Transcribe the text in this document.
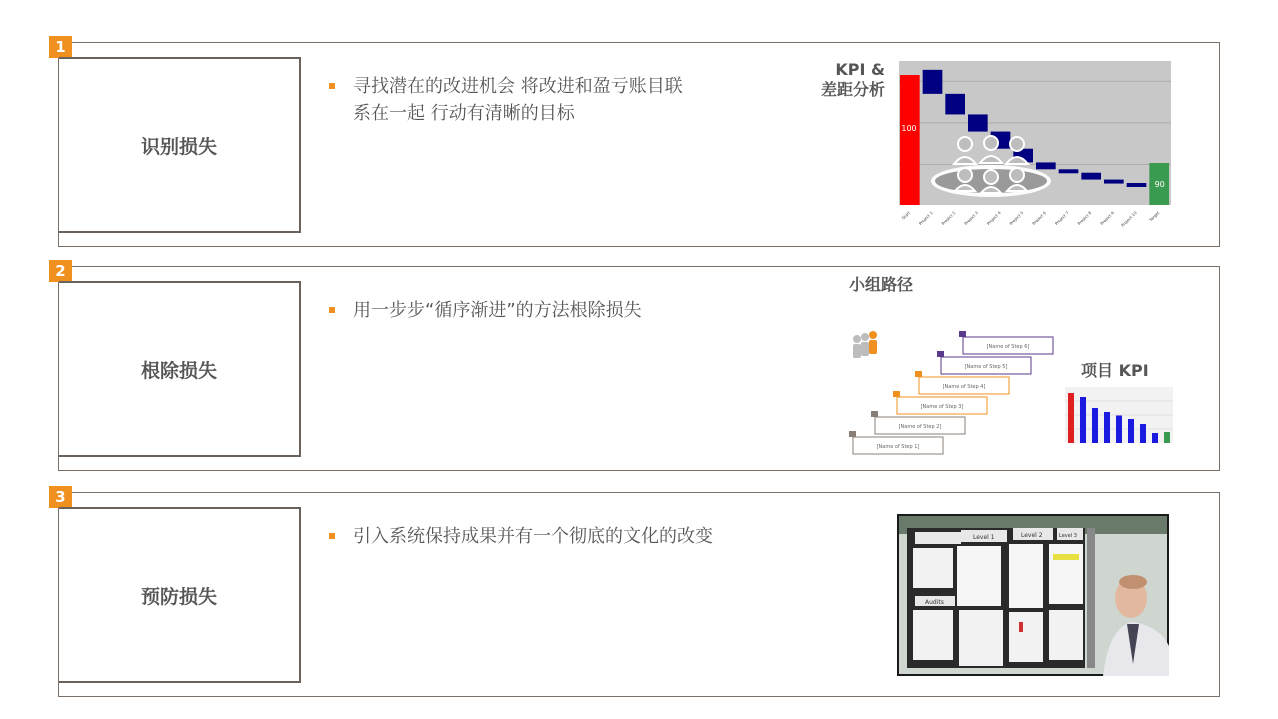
1
识别损失
寻找潜在的改进机会 将改进和盈亏账目联
系在一起 行动有清晰的目标
KPI &
差距分析
Start Project 1 Project 2 Project 3 Project 4 Project 5 Project 6 Project 7 Project 8 Project 9 Project 10	Target
100
90
2
根除损失
用一步步“循序渐进”的方法根除损失
小组路径
[Name of Step 1]
[Name of Step 2]
[Name of Step 3]
[Name of Step 4]
[Name of Step 5]
[Name of Step 6]
项目 KPI
3
预防损失
引入系统保持成果并有一个彻底的文化的改变	Level 1	Level 2	Level 3
Audits
